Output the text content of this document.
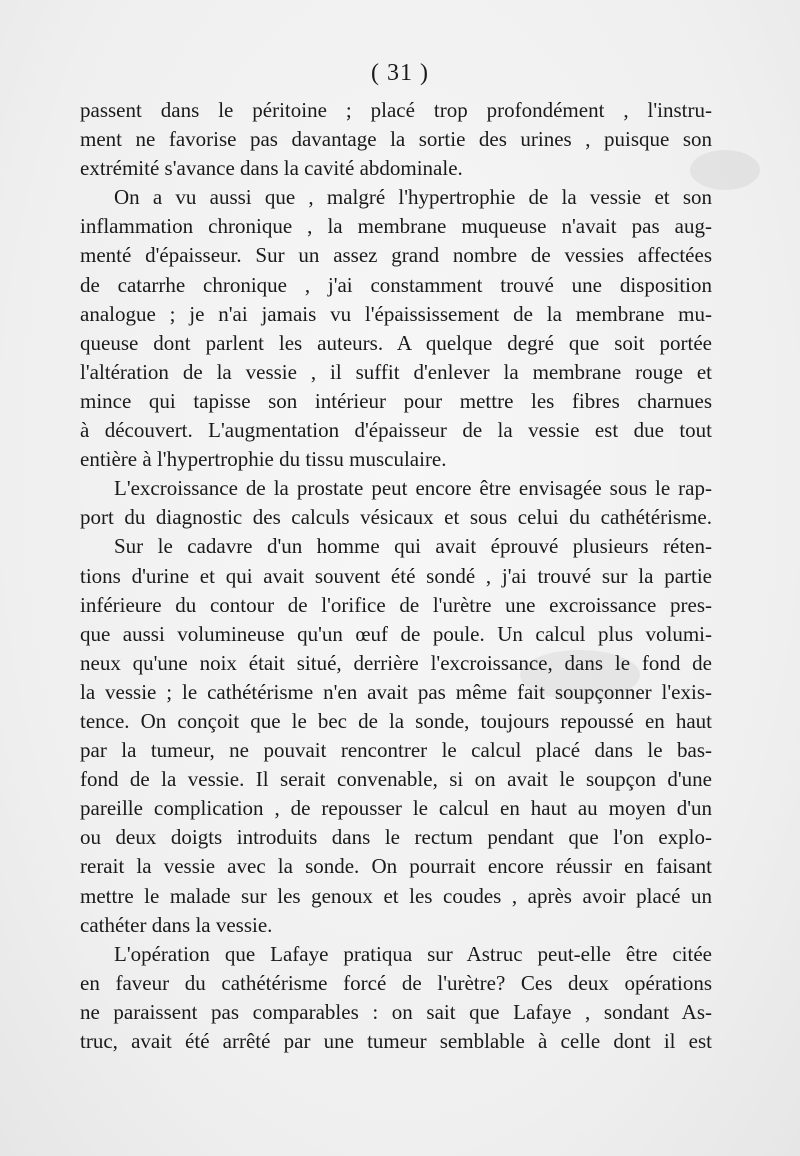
( 31 )
passent dans le péritoine ; placé trop profondément , l'instru-
ment ne favorise pas davantage la sortie des urines , puisque son
extrémité s'avance dans la cavité abdominale.
On a vu aussi que , malgré l'hypertrophie de la vessie et son
inflammation chronique , la membrane muqueuse n'avait pas aug-
menté d'épaisseur. Sur un assez grand nombre de vessies affectées
de catarrhe chronique , j'ai constamment trouvé une disposition
analogue ; je n'ai jamais vu l'épaississement de la membrane mu-
queuse dont parlent les auteurs. A quelque degré que soit portée
l'altération de la vessie , il suffit d'enlever la membrane rouge et
mince qui tapisse son intérieur pour mettre les fibres charnues
à découvert. L'augmentation d'épaisseur de la vessie est due tout
entière à l'hypertrophie du tissu musculaire.
L'excroissance de la prostate peut encore être envisagée sous le rap-
port du diagnostic des calculs vésicaux et sous celui du cathétérisme.
Sur le cadavre d'un homme qui avait éprouvé plusieurs réten-
tions d'urine et qui avait souvent été sondé , j'ai trouvé sur la partie
inférieure du contour de l'orifice de l'urètre une excroissance pres-
que aussi volumineuse qu'un œuf de poule. Un calcul plus volumi-
neux qu'une noix était situé, derrière l'excroissance, dans le fond de
la vessie ; le cathétérisme n'en avait pas même fait soupçonner l'exis-
tence. On conçoit que le bec de la sonde, toujours repoussé en haut
par la tumeur, ne pouvait rencontrer le calcul placé dans le bas-
fond de la vessie. Il serait convenable, si on avait le soupçon d'une
pareille complication , de repousser le calcul en haut au moyen d'un
ou deux doigts introduits dans le rectum pendant que l'on explo-
rerait la vessie avec la sonde. On pourrait encore réussir en faisant
mettre le malade sur les genoux et les coudes , après avoir placé un
cathéter dans la vessie.
L'opération que Lafaye pratiqua sur Astruc peut-elle être citée
en faveur du cathétérisme forcé de l'urètre? Ces deux opérations
ne paraissent pas comparables : on sait que Lafaye , sondant As-
truc, avait été arrêté par une tumeur semblable à celle dont il est
